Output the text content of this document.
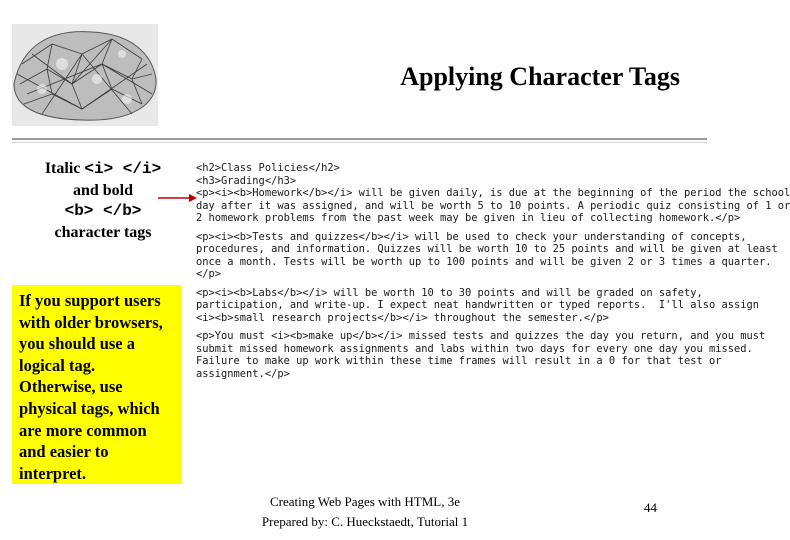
Applying Character Tags
Italic <i> </i>
and bold
<b> </b>
character tags
If you support users with older browsers, you should use a logical tag. Otherwise, use physical tags, which are more common and easier to interpret.
<h2>Class Policies</h2>
<h3>Grading</h3>
<p><i><b>Homework</b></i> will be given daily, is due at the beginning of the period the school
day after it was assigned, and will be worth 5 to 10 points. A periodic quiz consisting of 1 or
2 homework problems from the past week may be given in lieu of collecting homework.</p>
<p><i><b>Tests and quizzes</b></i> will be used to check your understanding of concepts,
procedures, and information. Quizzes will be worth 10 to 25 points and will be given at least
once a month. Tests will be worth up to 100 points and will be given 2 or 3 times a quarter.
</p>
<p><i><b>Labs</b></i> will be worth 10 to 30 points and will be graded on safety,
participation, and write-up. I expect neat handwritten or typed reports.  I'll also assign
<i><b>small research projects</b></i> throughout the semester.</p>
<p>You must <i><b>make up</b></i> missed tests and quizzes the day you return, and you must
submit missed homework assignments and labs within two days for every one day you missed.
Failure to make up work within these time frames will result in a 0 for that test or
assignment.</p>
Creating Web Pages with HTML, 3e
Prepared by: C. Hueckstaedt, Tutorial 1
44
